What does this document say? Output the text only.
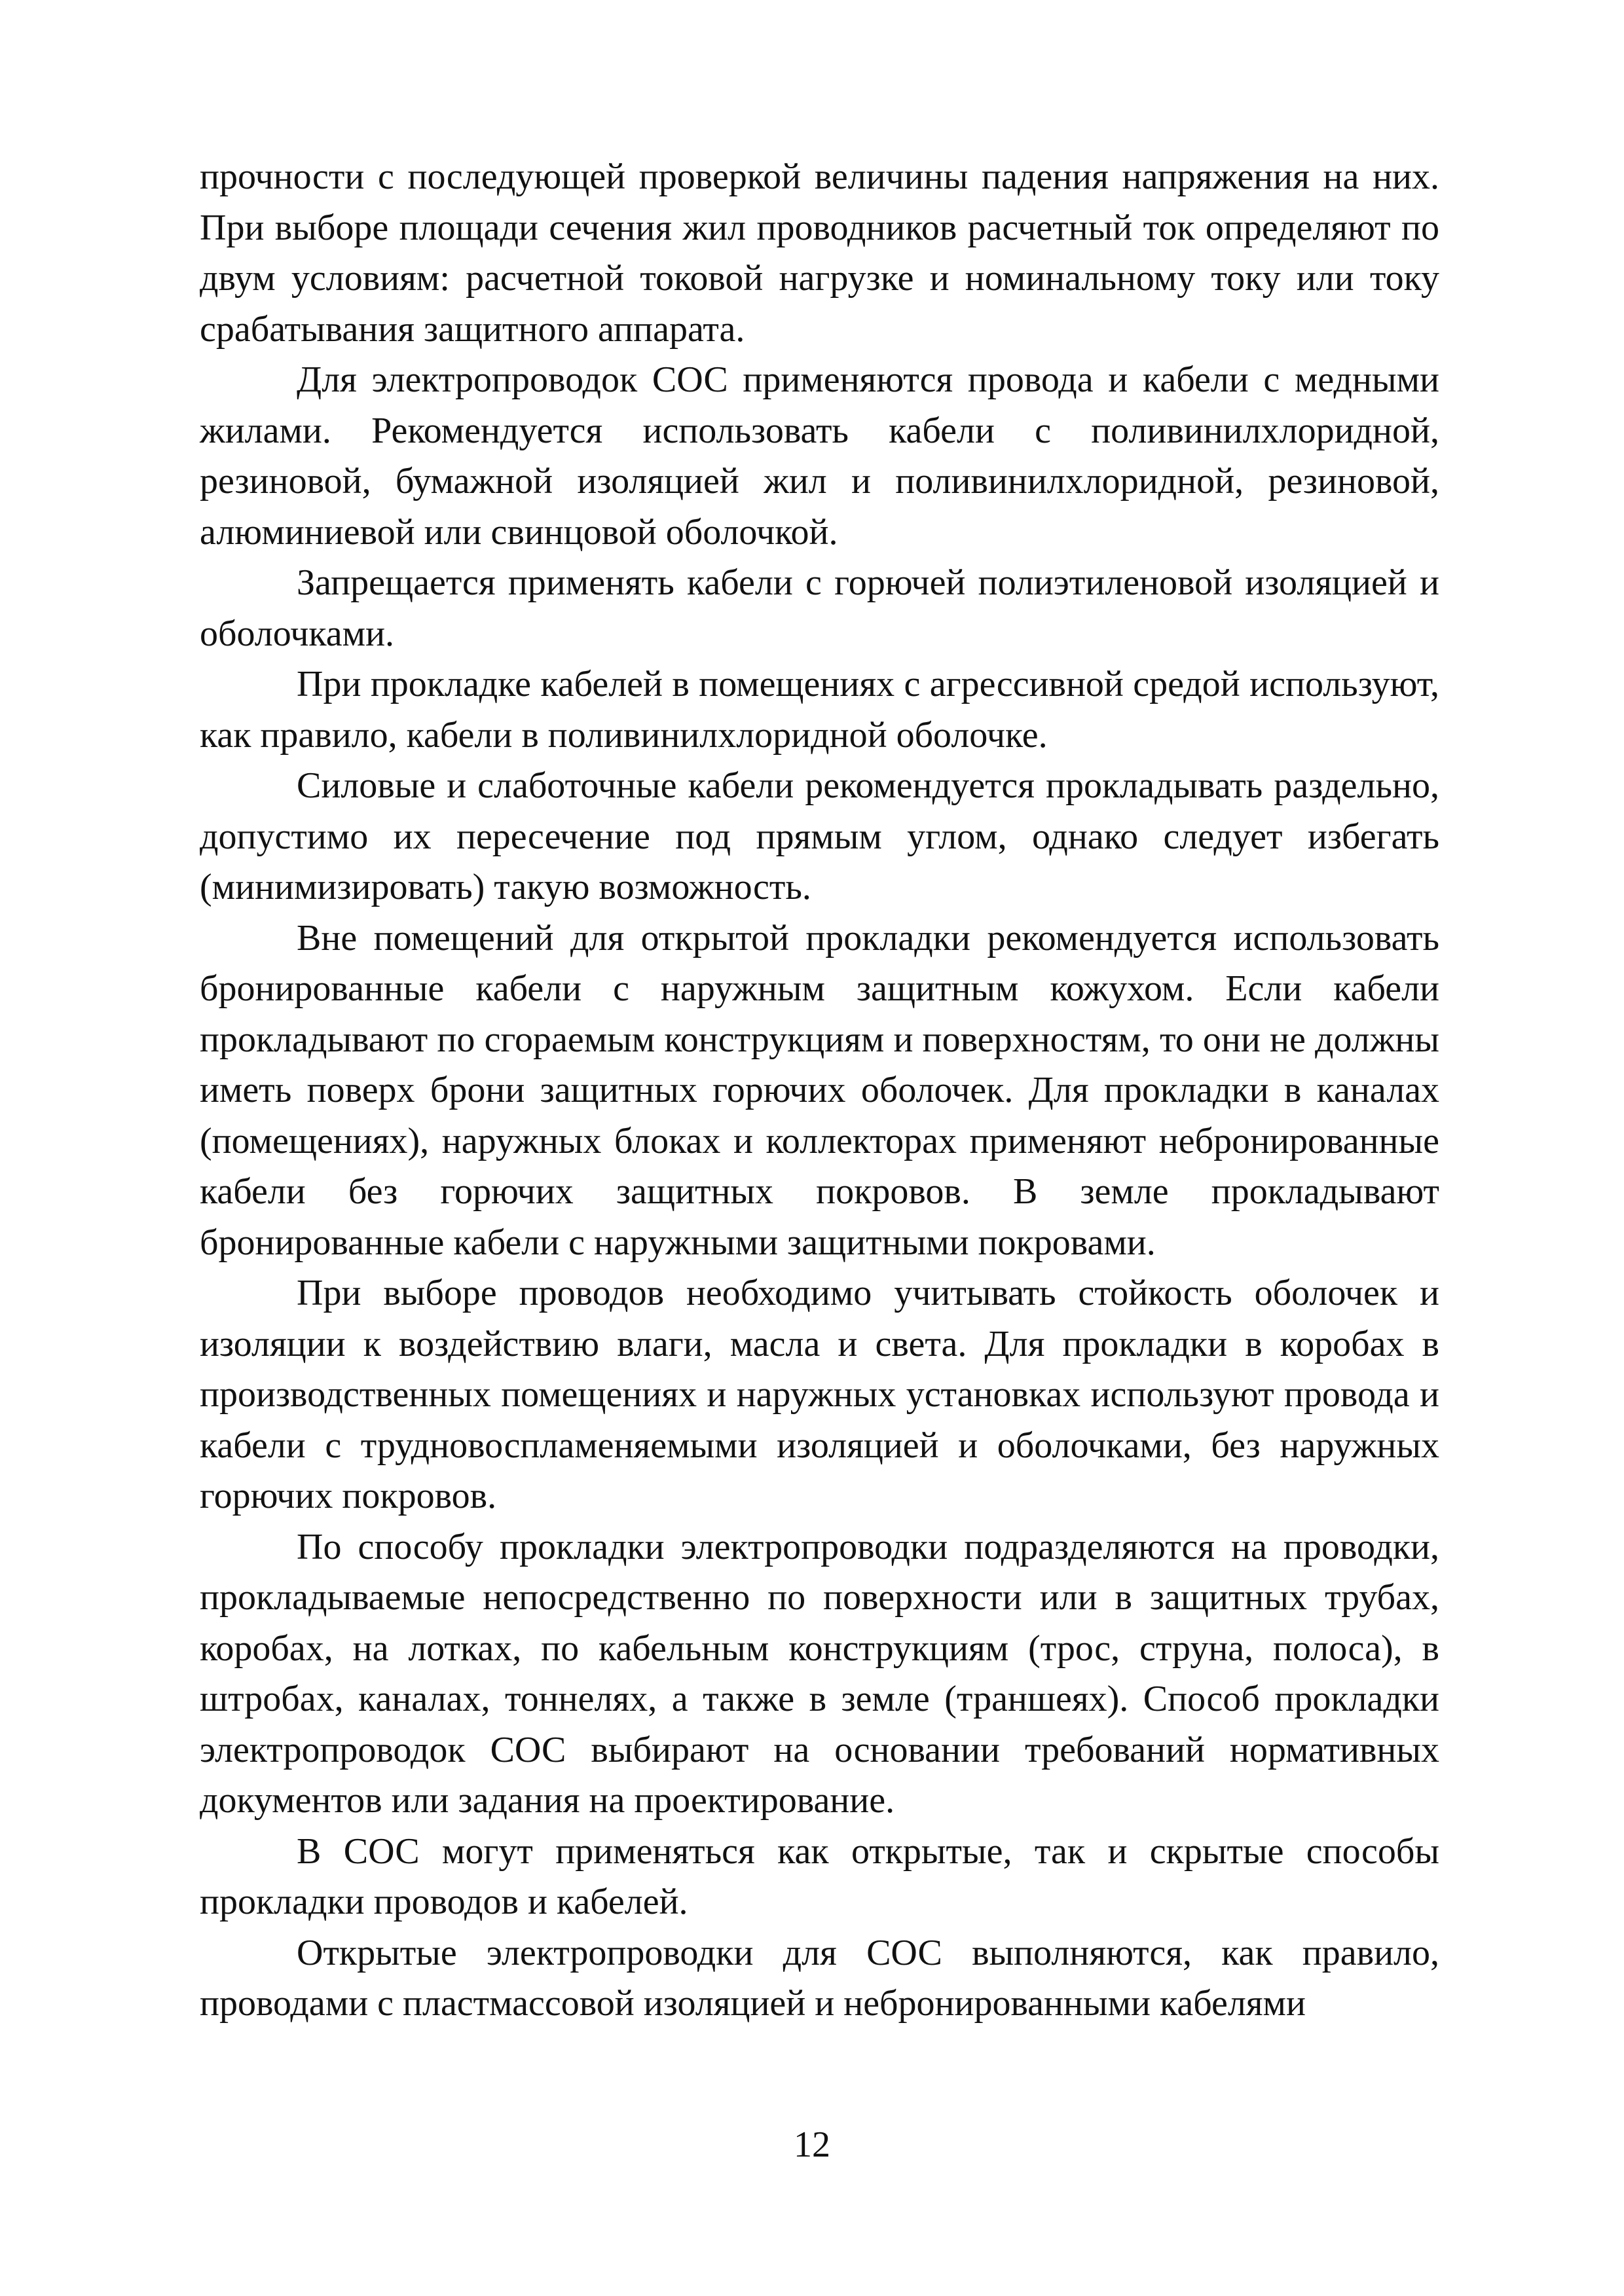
прочности с последующей проверкой величины падения напряжения на них. При выборе площади сечения жил проводников расчетный ток определяют по двум условиям: расчетной токовой нагрузке и номинальному току или току срабатывания защитного аппарата.

Для электропроводок СОС применяются провода и кабели с медными жилами. Рекомендуется использовать кабели с поливинилхлоридной, резиновой, бумажной изоляцией жил и поливинилхлоридной, резиновой, алюминиевой или свинцовой оболочкой.

Запрещается применять кабели с горючей полиэтиленовой изоляцией и оболочками.

При прокладке кабелей в помещениях с агрессивной средой используют, как правило, кабели в поливинилхлоридной оболочке.

Силовые и слаботочные кабели рекомендуется прокладывать раздельно, допустимо их пересечение под прямым углом, однако следует избегать (минимизировать) такую возможность.

Вне помещений для открытой прокладки рекомендуется использовать бронированные кабели с наружным защитным кожухом. Если кабели прокладывают по сгораемым конструкциям и поверхностям, то они не должны иметь поверх брони защитных горючих оболочек. Для прокладки в каналах (помещениях), наружных блоках и коллекторах применяют небронированные кабели без горючих защитных покровов. В земле прокладывают бронированные кабели с наружными защитными покровами.

При выборе проводов необходимо учитывать стойкость оболочек и изоляции к воздействию влаги, масла и света. Для прокладки в коробах в производственных помещениях и наружных установках используют провода и кабели с трудновоспламеняемыми изоляцией и оболочками, без наружных горючих покровов.

По способу прокладки электропроводки подразделяются на проводки, прокладываемые непосредственно по поверхности или в защитных трубах, коробах, на лотках, по кабельным конструкциям (трос, струна, полоса), в штробах, каналах, тоннелях, а также в земле (траншеях). Способ прокладки электропроводок СОС выбирают на основании требований нормативных документов или задания на проектирование.

В СОС могут применяться как открытые, так и скрытые способы прокладки проводов и кабелей.

Открытые электропроводки для СОС выполняются, как правило, проводами с пластмассовой изоляцией и небронированными кабелями

12
